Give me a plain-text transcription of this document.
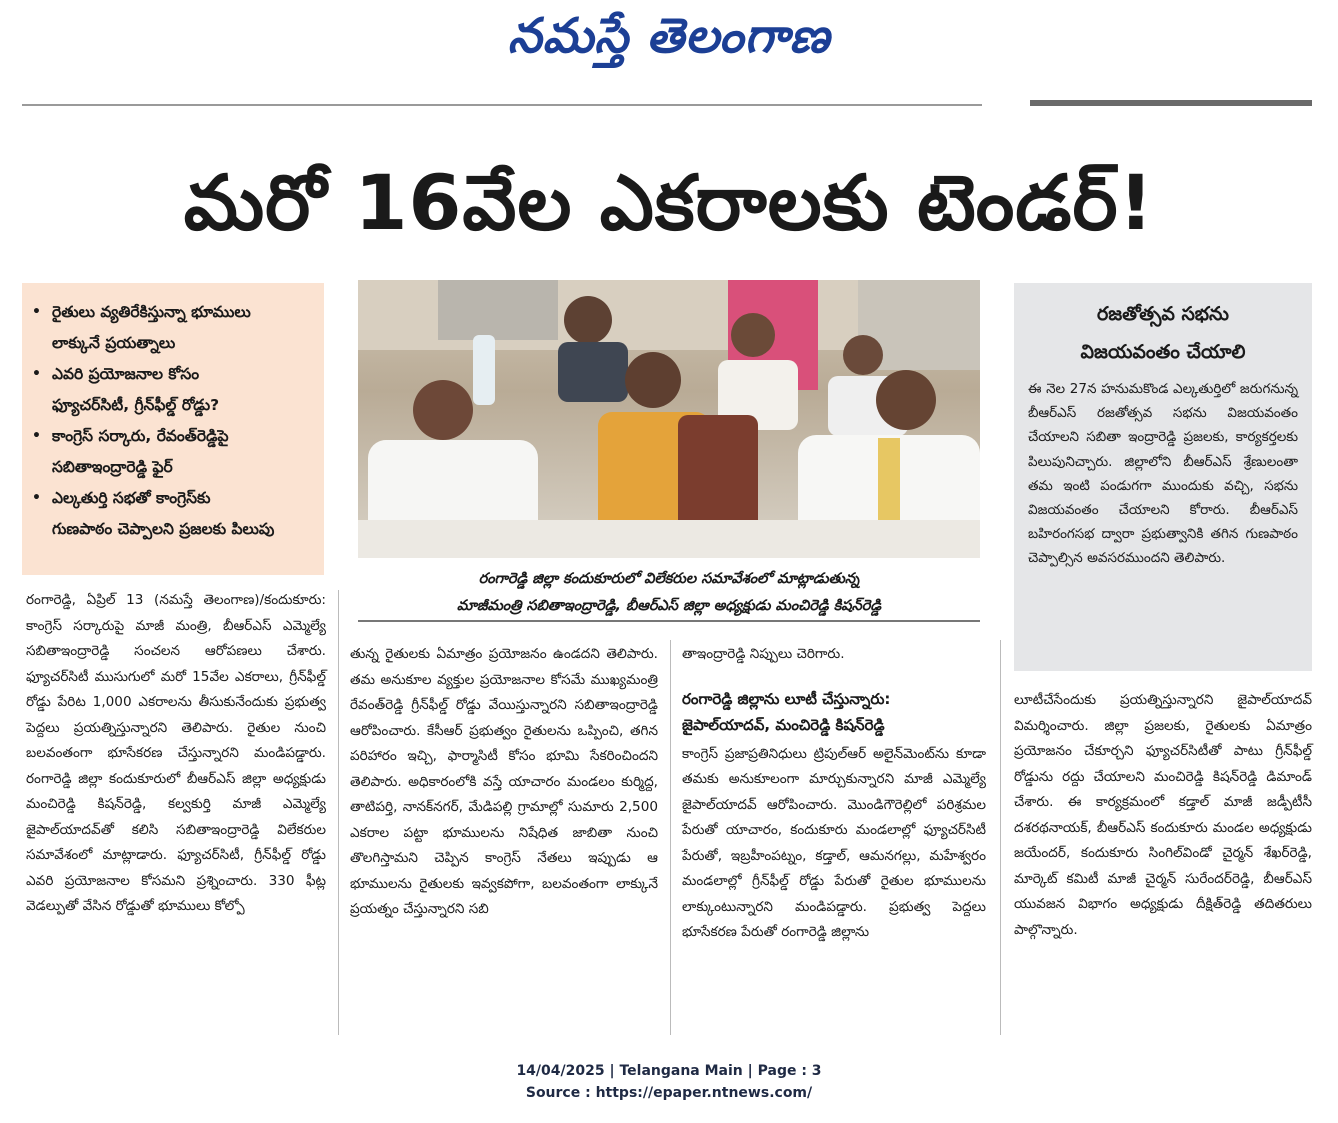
నమస్తే తెలంగాణ
మరో 16వేల ఎకరాలకు టెండర్!
• రైతులు వ్యతిరేకిస్తున్నా భూములు
లాక్కునే ప్రయత్నాలు
• ఎవరి ప్రయోజనాల కోసం
ఫ్యూచర్‌సిటీ, గ్రీన్‌ఫీల్డ్ రోడ్డు?
• కాంగ్రెస్ సర్కారు, రేవంత్‌రెడ్డిపై
సబితాఇంద్రారెడ్డి ఫైర్
• ఎల్కతుర్తి సభతో కాంగ్రెస్‌కు
గుణపాఠం చెప్పాలని ప్రజలకు పిలుపు
రంగారెడ్డి జిల్లా కందుకూరులో విలేకరుల సమావేశంలో మాట్లాడుతున్న
మాజీమంత్రి సబితాఇంద్రారెడ్డి, బీఆర్‌ఎస్ జిల్లా అధ్యక్షుడు మంచిరెడ్డి కిషన్‌రెడ్డి
రజతోత్సవ సభను
విజయవంతం చేయాలి

ఈ నెల 27న హనుమకొండ ఎల్కతుర్తిలో జరుగనున్న బీఆర్‌ఎస్ రజతోత్సవ సభను విజయవంతం చేయాలని సబితా ఇంద్రారెడ్డి ప్రజలకు, కార్యకర్తలకు పిలుపునిచ్చారు. జిల్లాలోని బీఆర్‌ఎస్ శ్రేణులంతా తమ ఇంటి పండుగగా ముందుకు వచ్చి, సభను విజయవంతం చేయాలని కోరారు. బీఆర్‌ఎస్ బహిరంగసభ ద్వారా ప్రభుత్వానికి తగిన గుణపాఠం చెప్పాల్సిన అవసరముందని తెలిపారు.

రంగారెడ్డి, ఏప్రిల్ 13 (నమస్తే తెలంగాణ)/కందుకూరు: కాంగ్రెస్ సర్కారుపై మాజీ మంత్రి, బీఆర్‌ఎస్ ఎమ్మెల్యే సబితాఇంద్రారెడ్డి సంచలన ఆరోపణలు చేశారు. ఫ్యూచర్‌సిటీ ముసుగులో మరో 15వేల ఎకరాలు, గ్రీన్‌ఫీల్డ్ రోడ్డు పేరిట 1,000 ఎకరాలను తీసుకునేందుకు ప్రభుత్వ పెద్దలు ప్రయత్నిస్తున్నారని తెలిపారు. రైతుల నుంచి బలవంతంగా భూసేకరణ చేస్తున్నారని మండిపడ్డారు. రంగారెడ్డి జిల్లా కందుకూరులో బీఆర్‌ఎస్ జిల్లా అధ్యక్షుడు మంచిరెడ్డి కిషన్‌రెడ్డి, కల్వకుర్తి మాజీ ఎమ్మెల్యే జైపాల్‌యాదవ్‌తో కలిసి సబితాఇంద్రారెడ్డి విలేకరుల సమావేశంలో మాట్లాడారు. ఫ్యూచర్‌సిటీ, గ్రీన్‌ఫీల్డ్ రోడ్డు ఎవరి ప్రయోజనాల కోసమని ప్రశ్నించారు. 330 ఫీట్ల వెడల్పుతో వేసిన రోడ్డుతో భూములు కోల్పో

తున్న రైతులకు ఏమాత్రం ప్రయోజనం ఉండదని తెలిపారు. తమ అనుకూల వ్యక్తుల ప్రయోజనాల కోసమే ముఖ్యమంత్రి రేవంత్‌రెడ్డి గ్రీన్‌ఫీల్డ్ రోడ్డు వేయిస్తున్నారని సబితాఇంద్రారెడ్డి ఆరోపించారు. కేసీఆర్ ప్రభుత్వం రైతులను ఒప్పించి, తగిన పరిహారం ఇచ్చి, ఫార్మాసిటీ కోసం భూమి సేకరించిందని తెలిపారు. అధికారంలోకి వస్తే యాచారం మండలం కుర్మిద్ద, తాటిపర్తి, నానక్‌నగర్, మేడిపల్లి గ్రామాల్లో సుమారు 2,500 ఎకరాల పట్టా భూములను నిషేధిత జాబితా నుంచి తొలగిస్తామని చెప్పిన కాంగ్రెస్ నేతలు ఇప్పుడు ఆ భూములను రైతులకు ఇవ్వకపోగా, బలవంతంగా లాక్కునే ప్రయత్నం చేస్తున్నారని సబి

తాఇంద్రారెడ్డి నిప్పులు చెరిగారు.

రంగారెడ్డి జిల్లాను లూటీ చేస్తున్నారు:
జైపాల్‌యాదవ్, మంచిరెడ్డి కిషన్‌రెడ్డి

కాంగ్రెస్ ప్రజాప్రతినిధులు ట్రిపుల్‌ఆర్ అలైన్‌మెంట్‌ను కూడా తమకు అనుకూలంగా మార్చుకున్నారని మాజీ ఎమ్మెల్యే జైపాల్‌యాదవ్ ఆరోపించారు. మొండిగౌరెల్లిలో పరిశ్రమల పేరుతో యాచారం, కందుకూరు మండలాల్లో ఫ్యూచర్‌సిటీ పేరుతో, ఇబ్రహీంపట్నం, కడ్తాల్, ఆమనగల్లు, మహేశ్వరం మండలాల్లో గ్రీన్‌ఫీల్డ్ రోడ్డు పేరుతో రైతుల భూములను లాక్కుంటున్నారని మండిపడ్డారు. ప్రభుత్వ పెద్దలు భూసేకరణ పేరుతో రంగారెడ్డి జిల్లాను

లూటీచేసేందుకు ప్రయత్నిస్తున్నారని జైపాల్‌యాదవ్ విమర్శించారు. జిల్లా ప్రజలకు, రైతులకు ఏమాత్రం ప్రయోజనం చేకూర్చని ఫ్యూచర్‌సిటీతో పాటు గ్రీన్‌ఫీల్డ్ రోడ్డును రద్దు చేయాలని మంచిరెడ్డి కిషన్‌రెడ్డి డిమాండ్ చేశారు. ఈ కార్యక్రమంలో కడ్తాల్ మాజీ జడ్పీటీసీ దశరథనాయక్, బీఆర్‌ఎస్ కందుకూరు మండల అధ్యక్షుడు జయేందర్, కందుకూరు సింగిల్‌విండో చైర్మన్ శేఖర్‌రెడ్డి, మార్కెట్ కమిటీ మాజీ చైర్మన్ సురేందర్‌రెడ్డి, బీఆర్‌ఎస్ యువజన విభాగం అధ్యక్షుడు దీక్షిత్‌రెడ్డి తదితరులు పాల్గొన్నారు.

14/04/2025 | Telangana Main | Page : 3
Source : https://epaper.ntnews.com/
